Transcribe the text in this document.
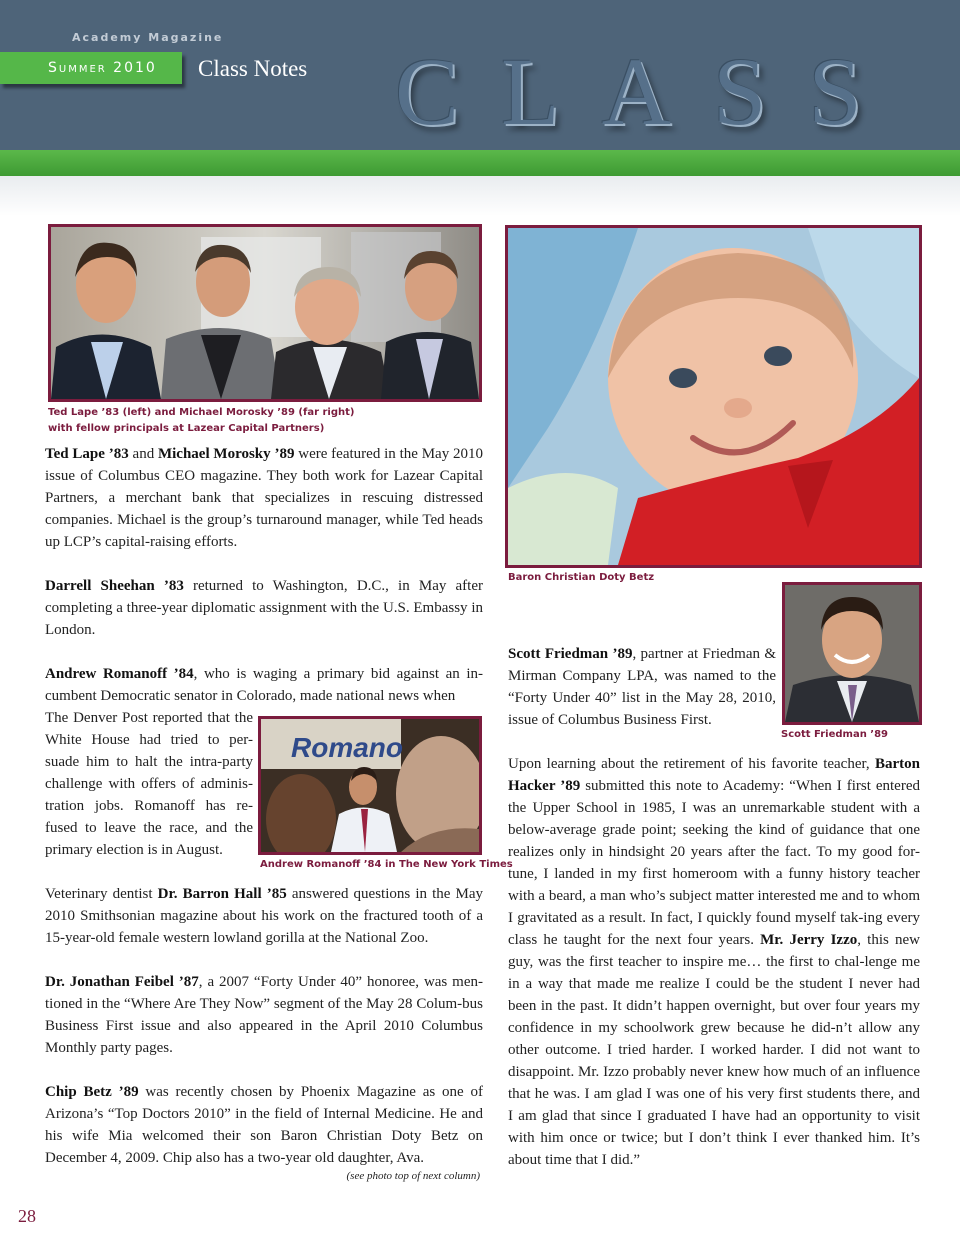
Academy Magazine
Summer 2010	Class Notes CLASS
Ted Lape ’83 (left) and Michael Morosky ’89 (far right)
with fellow principals at Lazear Capital Partners)
Baron Christian Doty Betz
Scott Friedman ’89
Romano
Andrew Romanoff ’84 in The New York Times
Ted Lape ’83 and Michael Morosky ’89 were featured in the May 2010 issue of Columbus CEO magazine. They both work for Lazear Capital Partners, a merchant bank that specializes in rescuing distressed companies. Michael is the group’s turnaround manager, while Ted heads up LCP’s capital-raising efforts.
Darrell Sheehan ’83 returned to Washington, D.C., in May after completing a three-year diplomatic assignment with the U.S. Embassy in London.
Andrew Romanoff ’84, who is waging a primary bid against an in-cumbent Democratic senator in Colorado, made national news when
The Denver Post reported that the White House had tried to per-suade him to halt the intra-party challenge with offers of adminis-tration jobs. Romanoff has re-fused to leave the race, and the primary election is in August.
Veterinary dentist Dr. Barron Hall ’85 answered questions in the May 2010 Smithsonian magazine about his work on the fractured tooth of a 15-year-old female western lowland gorilla at the National Zoo.
Dr. Jonathan Feibel ’87, a 2007 “Forty Under 40” honoree, was men-tioned in the “Where Are They Now” segment of the May 28 Colum-bus Business First issue and also appeared in the April 2010 Columbus Monthly party pages.
Chip Betz ’89 was recently chosen by Phoenix Magazine as one of Arizona’s “Top Doctors 2010” in the field of Internal Medicine. He and his wife Mia welcomed their son Baron Christian Doty Betz on December 4, 2009. Chip also has a two-year old daughter, Ava.
(see photo top of next column)
Scott Friedman ’89, partner at Friedman & Mirman Company LPA, was named to the “Forty Under 40” list in the May 28, 2010, issue of Columbus Business First.
Upon learning about the retirement of his favorite teacher, Barton Hacker ’89 submitted this note to Academy: “When I first entered the Upper School in 1985, I was an unremarkable student with a below-average grade point; seeking the kind of guidance that one realizes only in hindsight 20 years after the fact. To my good for-tune, I landed in my first homeroom with a funny history teacher with a beard, a man who’s subject matter interested me and to whom I gravitated as a result. In fact, I quickly found myself tak-ing every class he taught for the next four years. Mr. Jerry Izzo, this new guy, was the first teacher to inspire me… the first to chal-lenge me in a way that made me realize I could be the student I never had been in the past. It didn’t happen overnight, but over four years my confidence in my schoolwork grew because he did-n’t allow any other outcome. I tried harder. I worked harder. I did not want to disappoint. Mr. Izzo probably never knew how much of an influence that he was. I am glad I was one of his very first students there, and I am glad that since I graduated I have had an opportunity to visit with him once or twice; but I don’t think I ever thanked him. It’s about time that I did.”
28
